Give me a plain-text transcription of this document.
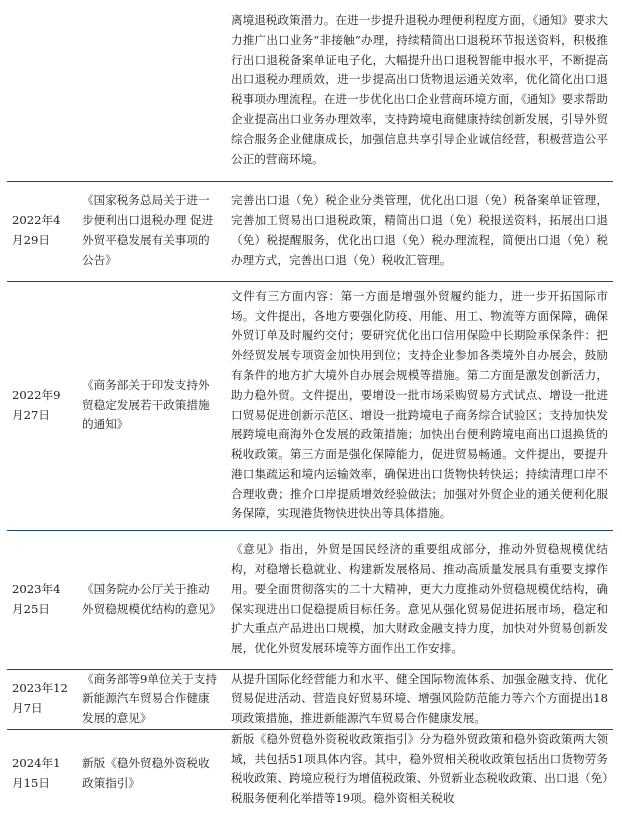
		离境退税政策潜力。在进一步提升退税办理便利程度方面，《通知》要求大力推广出口业务“非接触”办理，持续精简出口退税环节报送资料，积极推行出口退税备案单证电子化，大幅提升出口退税智能申报水平，不断提高出口退税办理质效，进一步提高出口货物退运通关效率，优化简化出口退税事项办理流程。在进一步优化出口企业营商环境方面，《通知》要求帮助企业提高出口业务办理效率，支持跨境电商健康持续创新发展，引导外贸综合服务企业健康成长，加强信息共享引导企业诚信经营，积极营造公平公正的营商环境。
2022年4月29日	《国家税务总局关于进一步便利出口退税办理 促进外贸平稳发展有关事项的公告》	完善出口退（免）税企业分类管理，优化出口退（免）税备案单证管理，完善加工贸易出口退税政策，精简出口退（免）税报送资料，拓展出口退（免）税提醒服务，优化出口退（免）税办理流程，简便出口退（免）税办理方式，完善出口退（免）税收汇管理。
2022年9月27日	《商务部关于印发支持外贸稳定发展若干政策措施的通知》	文件有三方面内容：第一方面是增强外贸履约能力，进一步开拓国际市场。文件提出，各地方要强化防疫、用能、用工、物流等方面保障，确保外贸订单及时履约交付；要研究优化出口信用保险中长期险承保条件：把外经贸发展专项资金加快用到位；支持企业参加各类境外自办展会，鼓励有条件的地方扩大境外自办展会规模等措施。第二方面是激发创新活力，助力稳外贸。文件提出，要增设一批市场采购贸易方式试点、增设一批进口贸易促进创新示范区、增设一批跨境电子商务综合试验区；支持加快发展跨境电商海外仓发展的政策措施；加快出台便利跨境电商出口退换货的税收政策。第三方面是强化保障能力，促进贸易畅通。文件提出，要提升港口集疏运和境内运输效率，确保进出口货物快转快运；持续清理口岸不合理收费；推介口岸提质增效经验做法；加强对外贸企业的通关便利化服务保障，实现港货物快进快出等具体措施。
2023年4月25日	《国务院办公厅关于推动外贸稳规模优结构的意见》	《意见》指出，外贸是国民经济的重要组成部分，推动外贸稳规模优结构，对稳增长稳就业、构建新发展格局、推动高质量发展具有重要支撑作用。要全面贯彻落实的二十大精神，更大力度推动外贸稳规模优结构，确保实现进出口促稳提质目标任务。意见从强化贸易促进拓展市场，稳定和扩大重点产品进出口规模，加大财政金融支持力度，加快对外贸易创新发展，优化外贸发展环境等方面作出工作安排。
2023年12月7日	《商务部等9单位关于支持新能源汽车贸易合作健康发展的意见》	从提升国际化经营能力和水平、健全国际物流体系、加强金融支持、优化贸易促进活动、营造良好贸易环境、增强风险防范能力等六个方面提出18项政策措施，推进新能源汽车贸易合作健康发展。
2024年1月15日	新版《稳外贸稳外资税收政策指引》	新版《稳外贸稳外资税收政策指引》分为稳外贸政策和稳外资政策两大领域，共包括51项具体内容。其中，稳外贸相关税收政策包括出口货物劳务税收政策、跨境应税行为增值税政策、外贸新业态税收政策、出口退（免）税服务便利化举措等19项。稳外资相关税收
